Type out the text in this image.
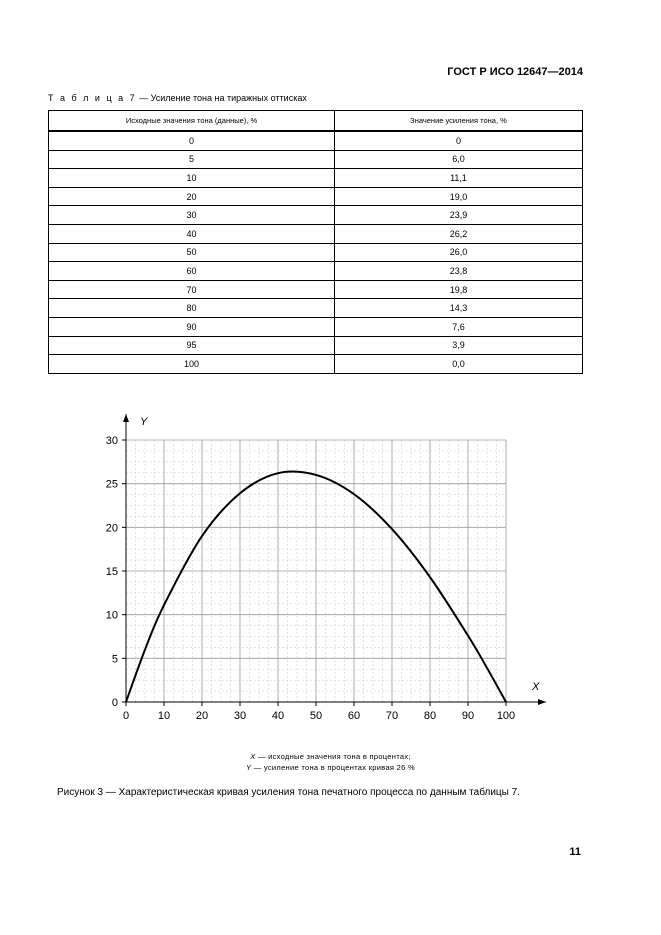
ГОСТ Р ИСО 12647—2014
Т а б л и ц а 7 — Усиление тона на тиражных оттисках
Исходные значения тона (данные), %	Значение усиления тона, %
0	0
5	6,0
10	11,1
20	19,0
30	23,9
40	26,2
50	26,0
60	23,8
70	19,8
80	14,3
90	7,6
95	3,9
100	0,0
0	10 20 30 40 50 60 70 80 90 100
0
5
10
15
20
25
30
X
Y
X — исходные значения тона в процентах;
Y — усиление тона в процентах кривая 26 %
Рисунок 3 — Характеристическая кривая усиления тона печатного процесса по данным таблицы 7.
11
